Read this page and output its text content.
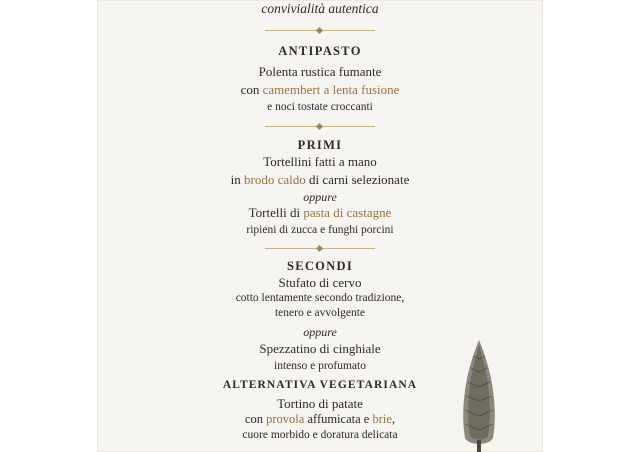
convivialità autentica
ANTIPASTO
Polenta rustica fumante
con camembert a lenta fusione
e noci tostate croccanti
PRIMI
Tortellini fatti a mano
in brodo caldo di carni selezionate
oppure
Tortelli di pasta di castagne
ripieni di zucca e funghi porcini
SECONDI
Stufato di cervo
cotto lentamente secondo tradizione,
tenero e avvolgente
oppure
Spezzatino di cinghiale
intenso e profumato
ALTERNATIVA VEGETARIANA
Tortino di patate
con provola affumicata e brie,
cuore morbido e doratura delicata
